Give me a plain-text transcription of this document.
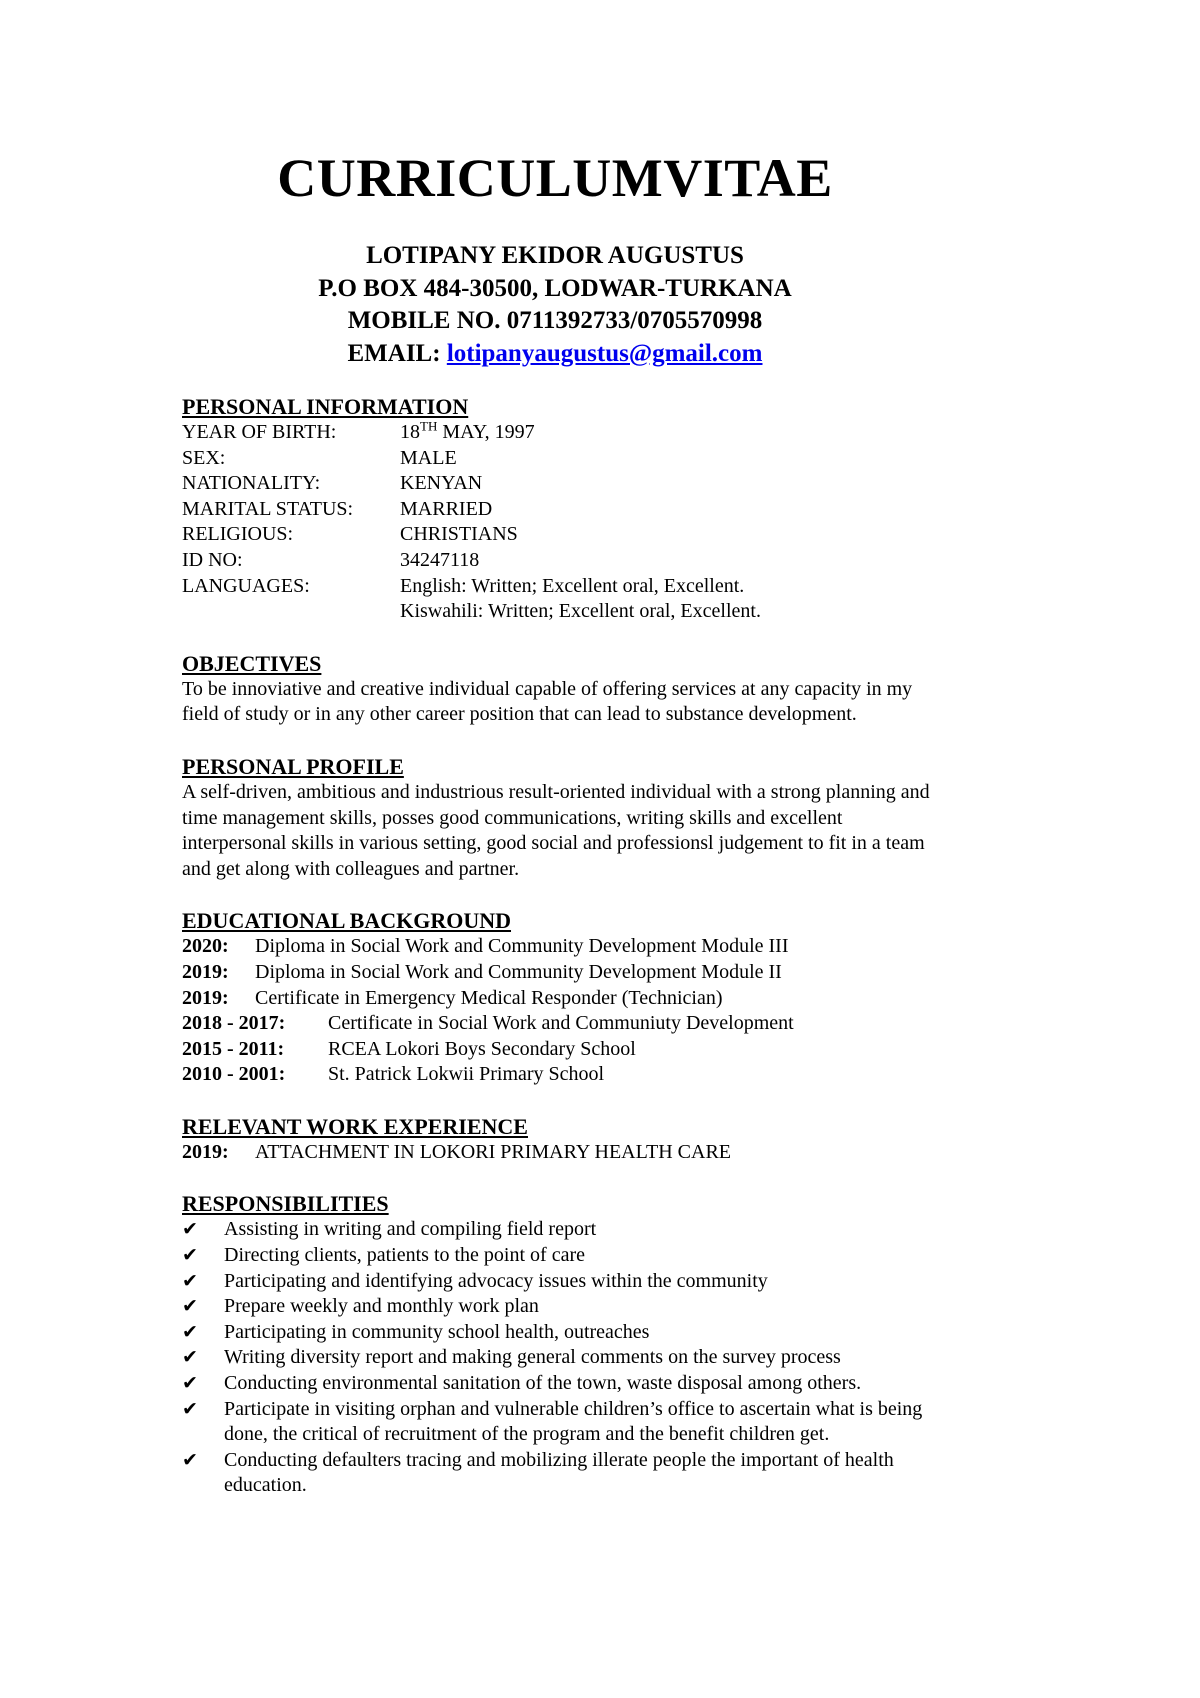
CURRICULUMVITAE
LOTIPANY EKIDOR AUGUSTUS
P.O BOX 484-30500, LODWAR-TURKANA
MOBILE NO. 0711392733/0705570998
EMAIL: lotipanyaugustus@gmail.com
PERSONAL INFORMATION
YEAR OF BIRTH:	18TH MAY, 1997
SEX:	MALE
NATIONALITY:	KENYAN
MARITAL STATUS:	MARRIED
RELIGIOUS:	CHRISTIANS
ID NO:	34247118
LANGUAGES:	English: Written; Excellent oral, Excellent.
Kiswahili: Written; Excellent oral, Excellent.
OBJECTIVES
To be innoviative and creative individual capable of offering services at any capacity in my
field of study or in any other career position that can lead to substance development.
PERSONAL PROFILE
A self-driven, ambitious and industrious result-oriented individual with a strong planning and
time management skills, posses good communications, writing skills and excellent
interpersonal skills in various setting, good social and professionsl judgement to fit in a team
and get along with colleagues and partner.
EDUCATIONAL BACKGROUND
2020:	Diploma in Social Work and Community Development Module III
2019:	Diploma in Social Work and Community Development Module II
2019:	Certificate in Emergency Medical Responder (Technician)
2018 - 2017:	Certificate in Social Work and Communiuty Development
2015 - 2011:	RCEA Lokori Boys Secondary School
2010 - 2001:	St. Patrick Lokwii Primary School
RELEVANT WORK EXPERIENCE
2019:	ATTACHMENT IN LOKORI PRIMARY HEALTH CARE
RESPONSIBILITIES
✔	Assisting in writing and compiling field report
✔	Directing clients, patients to the point of care
✔	Participating and identifying advocacy issues within the community
✔	Prepare weekly and monthly work plan
✔	Participating in community school health, outreaches
✔	Writing diversity report and making general comments on the survey process
✔	Conducting environmental sanitation of the town, waste disposal among others.
✔	Participate in visiting orphan and vulnerable children’s office to ascertain what is being
done, the critical of recruitment of the program and the benefit children get.
✔	Conducting defaulters tracing and mobilizing illerate people the important of health
education.
